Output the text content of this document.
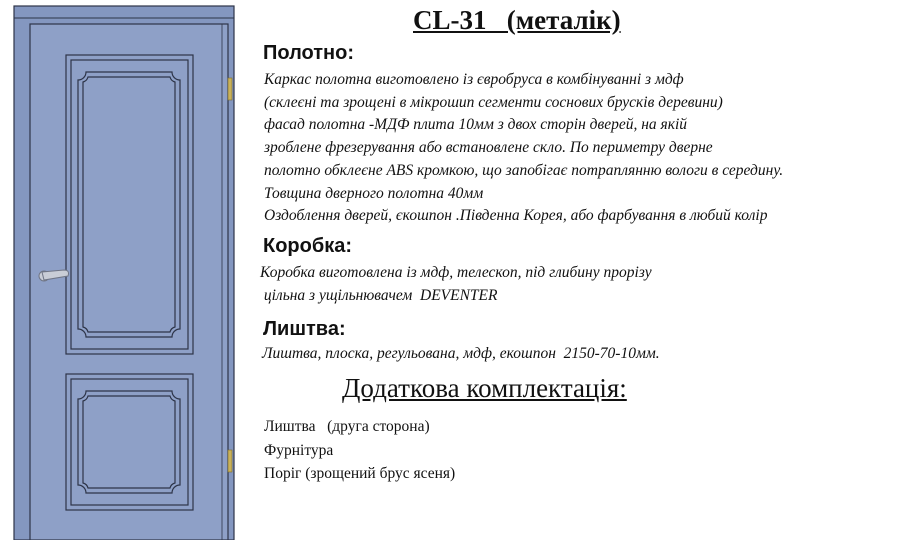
CL-31   (металік)
Полотно:
Каркас полотна виготовлено із євробруса в комбінуванні з мдф
(склеєні та зрощені в мікрошип сегменти соснових брусків деревини)
фасад полотна -МДФ плита 10мм з двох сторін дверей, на якій
зроблене фрезерування або встановлене скло. По периметру дверне
полотно обклеєне ABS кромкою, що запобігає потраплянню вологи в середину.
Товщина дверного полотна 40мм
Оздоблення дверей, єкошпон .Південна Корея, або фарбування в любий колір
Коробка:
Коробка виготовлена із мдф, телескоп, під глибину прорізу
цільна з ущільнювачем  DEVENTER
Лиштва:
Лиштва, плоска, регульована, мдф, екошпон  2150-70-10мм.
Додаткова комплектація:
Лиштва   (друга сторона)
Фурнітура
Поріг (зрощений брус ясеня)
